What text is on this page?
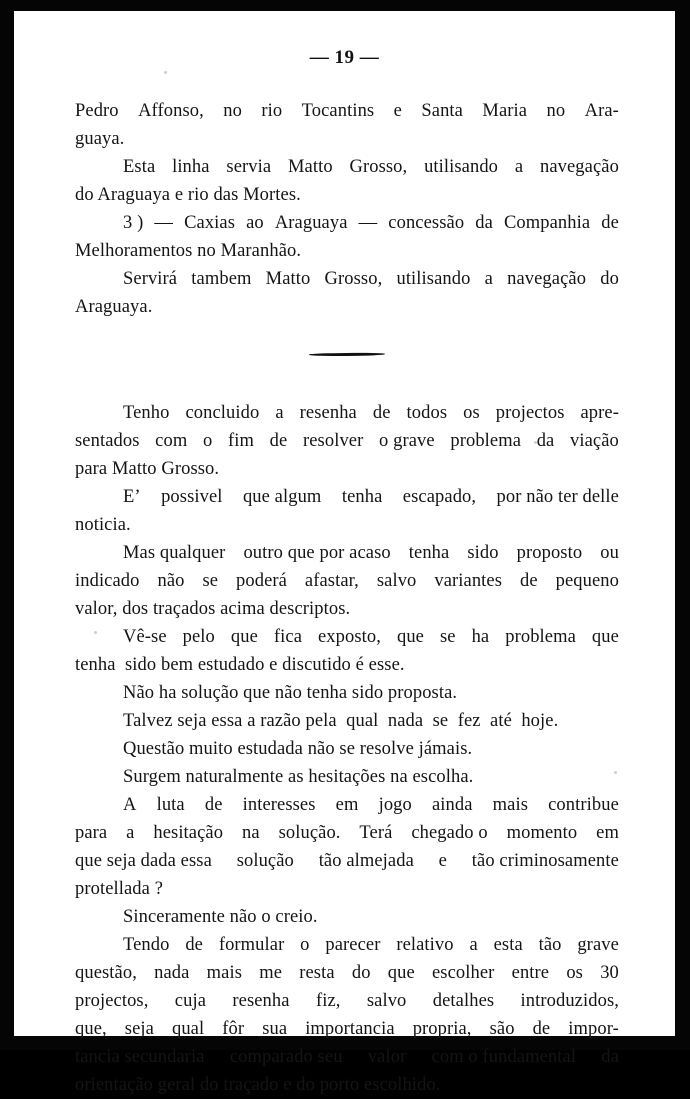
— 19 —
Pedro Affonso, no rio Tocantins e Santa Maria no Ara-
guaya.
Esta linha servia Matto Grosso, utilisando a navegação
do Araguaya e rio das Mortes.
3 ) — Caxias ao Araguaya — concessão da Companhia de
Melhoramentos no Maranhão.
Servirá tambem Matto Grosso, utilisando a navegação do
Araguaya.
Tenho concluido a resenha de todos os projectos apre-
sentados com o fim de resolver o grave problema da viação
para Matto Grosso.
E’ possivel que algum tenha escapado, por não ter delle
noticia.
Mas qualquer outro que por acaso tenha sido proposto ou
indicado não se poderá afastar, salvo variantes de pequeno
valor, dos traçados acima descriptos.
Vê-se pelo que fica exposto, que se ha problema que
tenha  sido bem estudado e discutido é esse.
Não ha solução que não tenha sido proposta.
Talvez seja essa a razão pela  qual  nada  se  fez  até  hoje.
Questão muito estudada não se resolve jámais.
Surgem naturalmente as hesitações na escolha.
A luta de interesses em jogo ainda mais contribue
para a hesitação na solução. Terá chegado o momento em
que seja dada essa solução tão almejada e tão criminosamente
protellada ?
Sinceramente não o creio.
Tendo de formular o parecer relativo a esta tão grave
questão, nada mais me resta do que escolher entre os 30
projectos, cuja resenha fiz, salvo detalhes introduzidos,
que, seja qual fôr sua importancia propria, são de impor-
tancia secundaria comparado seu valor com o fundamental da
orientação geral do traçado e do porto escolhido.
